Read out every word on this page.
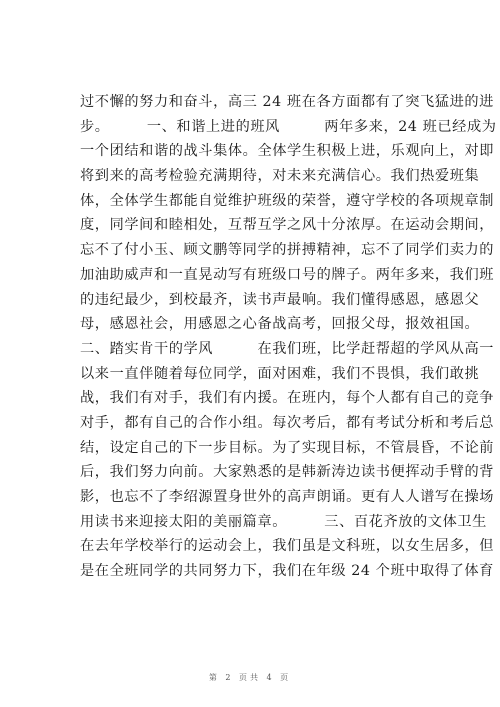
过不懈的努力和奋斗，高三 24 班在各方面都有了突飞猛进的进
步。　　　一、和谐上进的班风　　　两年多来，24 班已经成为
一个团结和谐的战斗集体。全体学生积极上进，乐观向上，对即
将到来的高考检验充满期待，对未来充满信心。我们热爱班集
体，全体学生都能自觉维护班级的荣誉，遵守学校的各项规章制
度，同学间和睦相处，互帮互学之风十分浓厚。在运动会期间，
忘不了付小玉、顾文鹏等同学的拼搏精神，忘不了同学们卖力的
加油助威声和一直晃动写有班级口号的牌子。两年多来，我们班
的违纪最少，到校最齐，读书声最响。我们懂得感恩，感恩父
母，感恩社会，用感恩之心备战高考，回报父母，报效祖国。
二、踏实肯干的学风　　　在我们班，比学赶帮超的学风从高一
以来一直伴随着每位同学，面对困难，我们不畏惧，我们敢挑
战，我们有对手，我们有内援。在班内，每个人都有自己的竞争
对手，都有自己的合作小组。每次考后，都有考试分析和考后总
结，设定自己的下一步目标。为了实现目标，不管晨昏，不论前
后，我们努力向前。大家熟悉的是韩新涛边读书便挥动手臂的背
影，也忘不了李绍源置身世外的高声朗诵。更有人人谱写在操场
用读书来迎接太阳的美丽篇章。　　　三、百花齐放的文体卫生
在去年学校举行的运动会上，我们虽是文科班，以女生居多，但
是在全班同学的共同努力下，我们在年级 24 个班中取得了体育
第 2 页共 4 页
